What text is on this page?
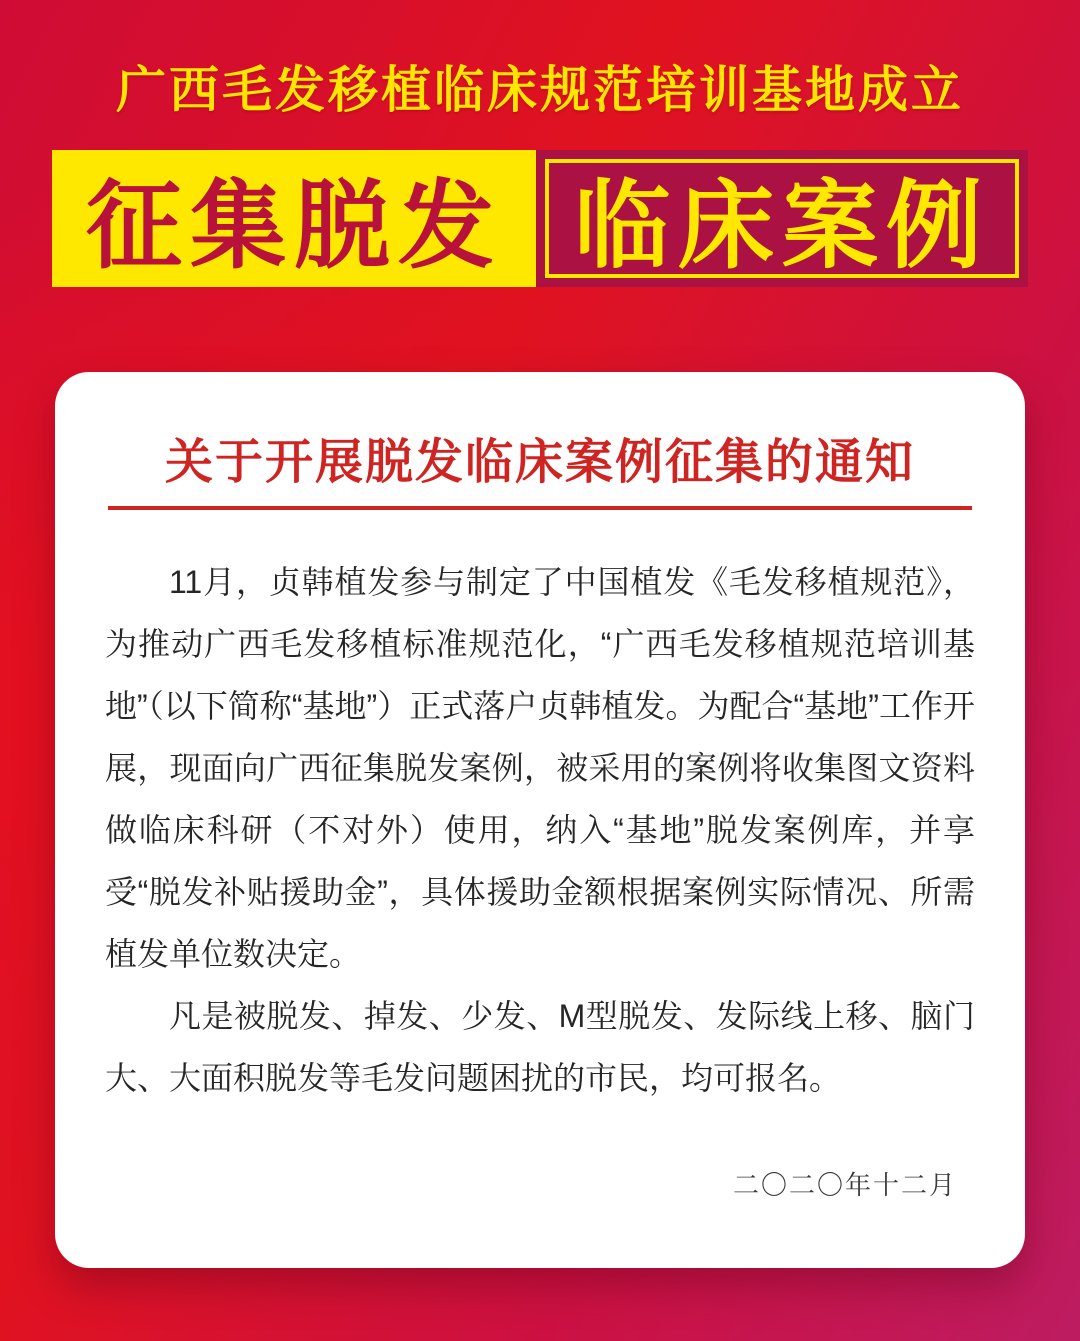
广西毛发移植临床规范培训基地成立
征集脱发 临床案例
关于开展脱发临床案例征集的通知

11月，贞韩植发参与制定了中国植发《毛发移植规范》，为推动广西毛发移植标准规范化，“广西毛发移植规范培训基地”（以下简称“基地”）正式落户贞韩植发。为配合“基地”工作开展，现面向广西征集脱发案例，被采用的案例将收集图文资料做临床科研（不对外）使用，纳入“基地”脱发案例库，并享受“脱发补贴援助金”，具体援助金额根据案例实际情况、所需植发单位数决定。

凡是被脱发、掉发、少发、M型脱发、发际线上移、脑门大、大面积脱发等毛发问题困扰的市民，均可报名。

二〇二〇年十二月
